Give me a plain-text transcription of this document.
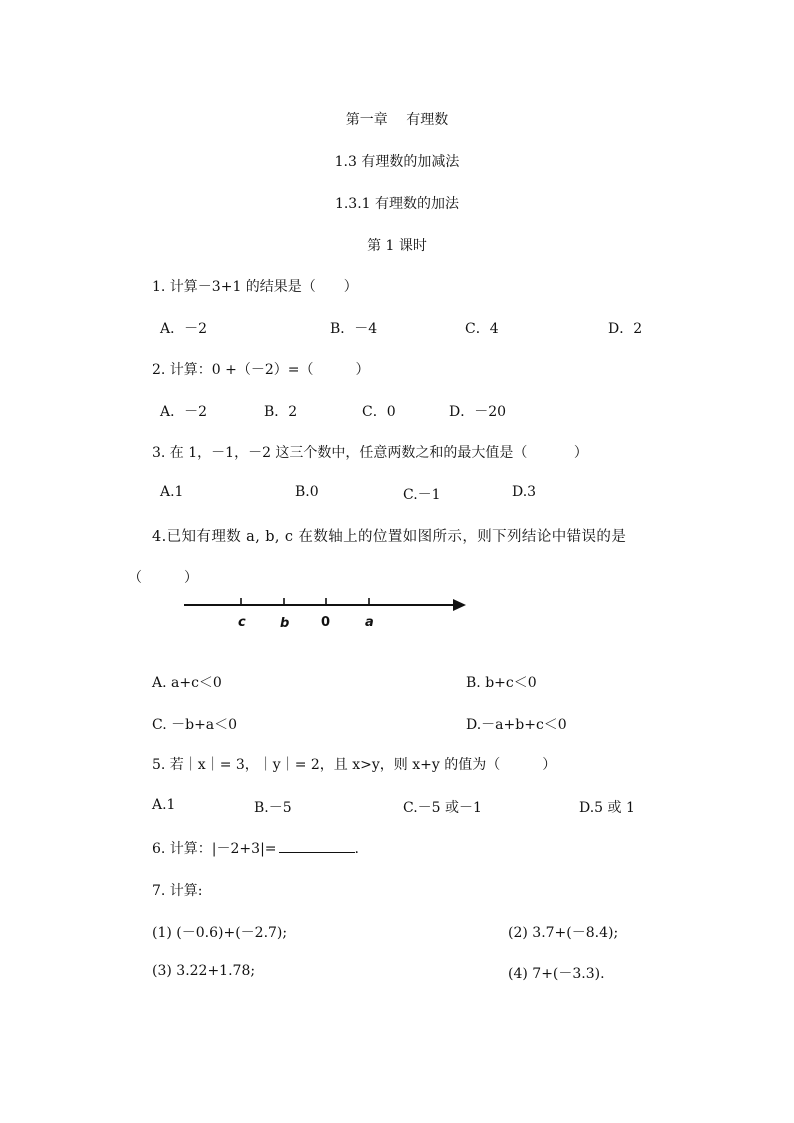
第一章　 有理数
1.3 有理数的加减法
1.3.1 有理数的加法
第 1 课时
1. 计算－3+1 的结果是（　　）
A．－2	B．－4	C．4	D．2
2. 计算：0 +（－2）=（　　　）
A．－2	B．2	C．0	D．－20
3. 在 1，－1，－2 这三个数中，任意两数之和的最大值是（　　　 ）
A.1	B.0	C.－1	D.3
4.已知有理数 a, b, c 在数轴上的位置如图所示，则下列结论中错误的是
（　　　）
c	b 0	a
A. a+c＜0	B. b+c＜0
C. －b+a＜0	D.－a+b+c＜0
5. 若｜x｜= 3，｜y｜= 2，且 x>y，则 x+y 的值为（　　　）
A.1	B.－5	C.－5 或－1	D.5 或 1
6. 计算：|－2+3|=	.
7. 计算:
(1) (－0.6)+(－2.7);	(2) 3.7+(－8.4);
(3) 3.22+1.78;	(4) 7+(－3.3).
